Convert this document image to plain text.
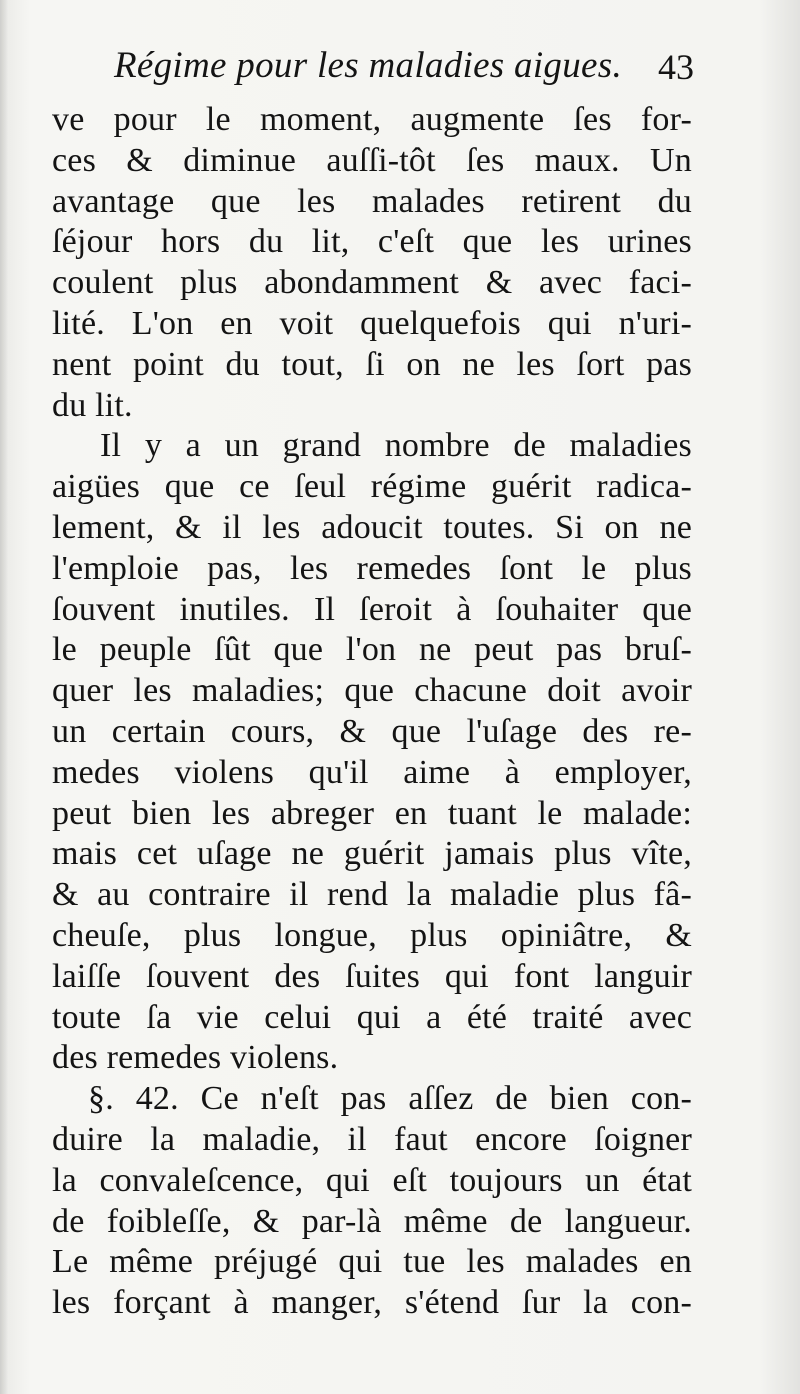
Régime pour les maladies aigues. 43
ve pour le moment, augmente ſes for-
ces & diminue auſſi-tôt ſes maux. Un
avantage que les malades retirent du
ſéjour hors du lit, c'eſt que les urines
coulent plus abondamment & avec faci-
lité. L'on en voit quelquefois qui n'uri-
nent point du tout, ſi on ne les ſort pas
du lit.
Il y a un grand nombre de maladies
aigües que ce ſeul régime guérit radica-
lement, & il les adoucit toutes. Si on ne
l'emploie pas, les remedes ſont le plus
ſouvent inutiles. Il ſeroit à ſouhaiter que
le peuple ſût que l'on ne peut pas bruſ-
quer les maladies; que chacune doit avoir
un certain cours, & que l'uſage des re-
medes violens qu'il aime à employer,
peut bien les abreger en tuant le malade:
mais cet uſage ne guérit jamais plus vîte,
& au contraire il rend la maladie plus fâ-
cheuſe, plus longue, plus opiniâtre, &
laiſſe ſouvent des ſuites qui font languir
toute ſa vie celui qui a été traité avec
des remedes violens.
§. 42. Ce n'eſt pas aſſez de bien con-
duire la maladie, il faut encore ſoigner
la convaleſcence, qui eſt toujours un état
de foibleſſe, & par-là même de langueur.
Le même préjugé qui tue les malades en
les forçant à manger, s'étend ſur la con-
